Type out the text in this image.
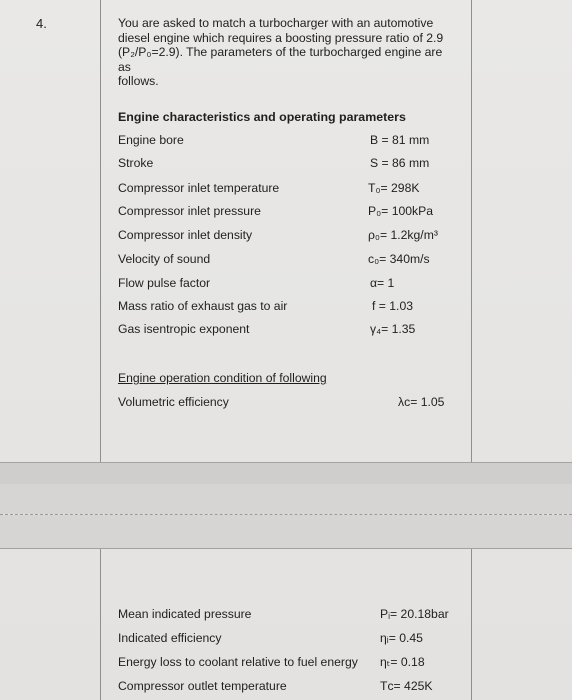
4.	You are asked to match a turbocharger with an automotive
diesel engine which requires a boosting pressure ratio of 2.9
(P₂/P₀=2.9). The parameters of the turbocharged engine are as
follows.
Engine characteristics and operating parameters
Engine bore	B = 81 mm
Stroke	S = 86 mm
Compressor inlet temperature	T₀= 298K
Compressor inlet pressure	P₀= 100kPa
Compressor inlet density	ρ₀= 1.2kg/m³
Velocity of sound	c₀= 340m/s
Flow pulse factor	α= 1
Mass ratio of exhaust gas to air	f = 1.03
Gas isentropic exponent	γ₄= 1.35
Engine operation condition of following
Volumetric efficiency	λᴄ= 1.05
Mean indicated pressure	Pᵢ= 20.18bar
Indicated efficiency	ηᵢ= 0.45
Energy loss to coolant relative to fuel energy ηₜ= 0.18
Compressor outlet temperature	Tᴄ= 425K
